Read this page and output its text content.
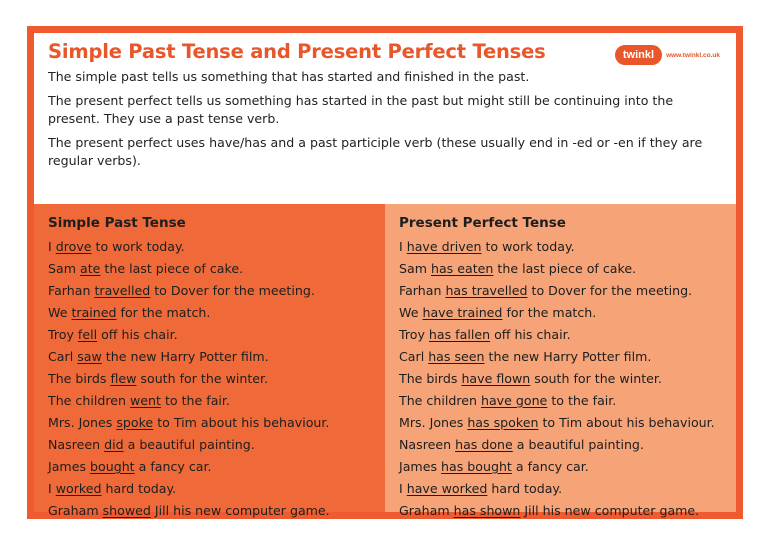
Simple Past Tense and Present Perfect Tenses	twinkl	www.twinkl.co.uk

The simple past tells us something that has started and finished in the past.

The present perfect tells us something has started in the past but might still be continuing into the present. They use a past tense verb.

The present perfect uses have/has and a past participle verb (these usually end in -ed or -en if they are regular verbs).

Simple Past Tense
I drove to work today.
Sam ate the last piece of cake.
Farhan travelled to Dover for the meeting.
We trained for the match.
Troy fell off his chair.
Carl saw the new Harry Potter film.
The birds flew south for the winter.
The children went to the fair.
Mrs. Jones spoke to Tim about his behaviour.
Nasreen did a beautiful painting.
James bought a fancy car.
I worked hard today.
Graham showed Jill his new computer game.
Present Perfect Tense
I have driven to work today.
Sam has eaten the last piece of cake.
Farhan has travelled to Dover for the meeting.
We have trained for the match.
Troy has fallen off his chair.
Carl has seen the new Harry Potter film.
The birds have flown south for the winter.
The children have gone to the fair.
Mrs. Jones has spoken to Tim about his behaviour.
Nasreen has done a beautiful painting.
James has bought a fancy car.
I have worked hard today.
Graham has shown Jill his new computer game.
